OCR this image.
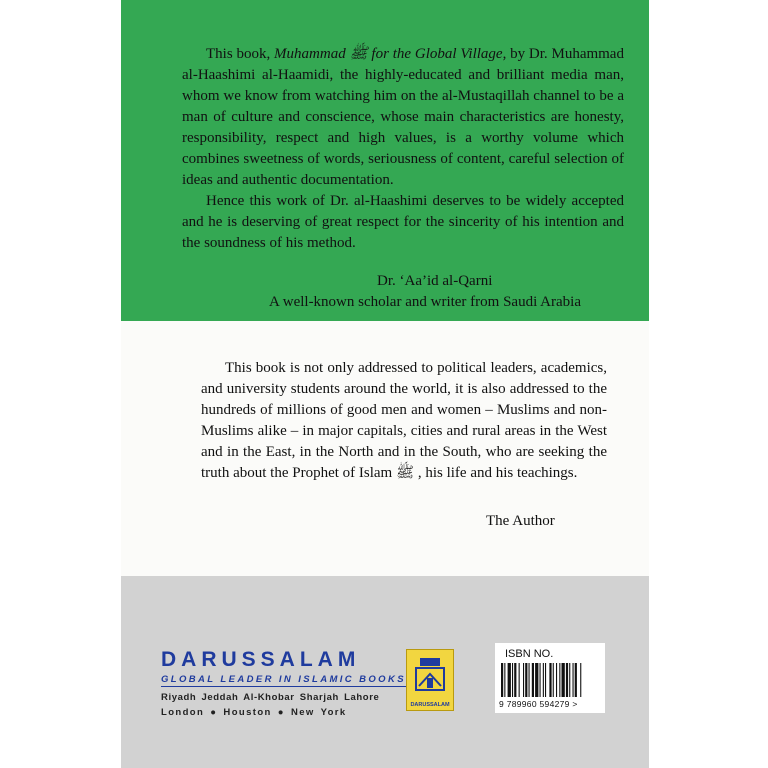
This book, Muhammad ﷺ for the Global Village, by Dr. Muhammad al-Haashimi al-Haamidi, the highly-educated and brilliant media man, whom we know from watching him on the al-Mustaqillah channel to be a man of culture and conscience, whose main characteristics are honesty, responsibility, respect and high values, is a worthy volume which combines sweetness of words, seriousness of content, careful selection of ideas and authentic documentation.

Hence this work of Dr. al-Haashimi deserves to be widely accepted and he is deserving of great respect for the sincerity of his intention and the soundness of his method.

Dr. ‘Aa’id al-Qarni
A well-known scholar and writer from Saudi Arabia
This book is not only addressed to political leaders, academics, and university students around the world, it is also addressed to the hundreds of millions of good men and women – Muslims and non-Muslims alike – in major capitals, cities and rural areas in the West and in the East, in the North and in the South, who are seeking the truth about the Prophet of Islam ﷺ , his life and his teachings.
The Author
DARUSSALAM
GLOBAL LEADER IN ISLAMIC BOOKS
Riyadh Jeddah Al-Khobar Sharjah Lahore
London ● Houston ● New York
DARUSSALAM
ISBN NO.
9 789960 594279 >
